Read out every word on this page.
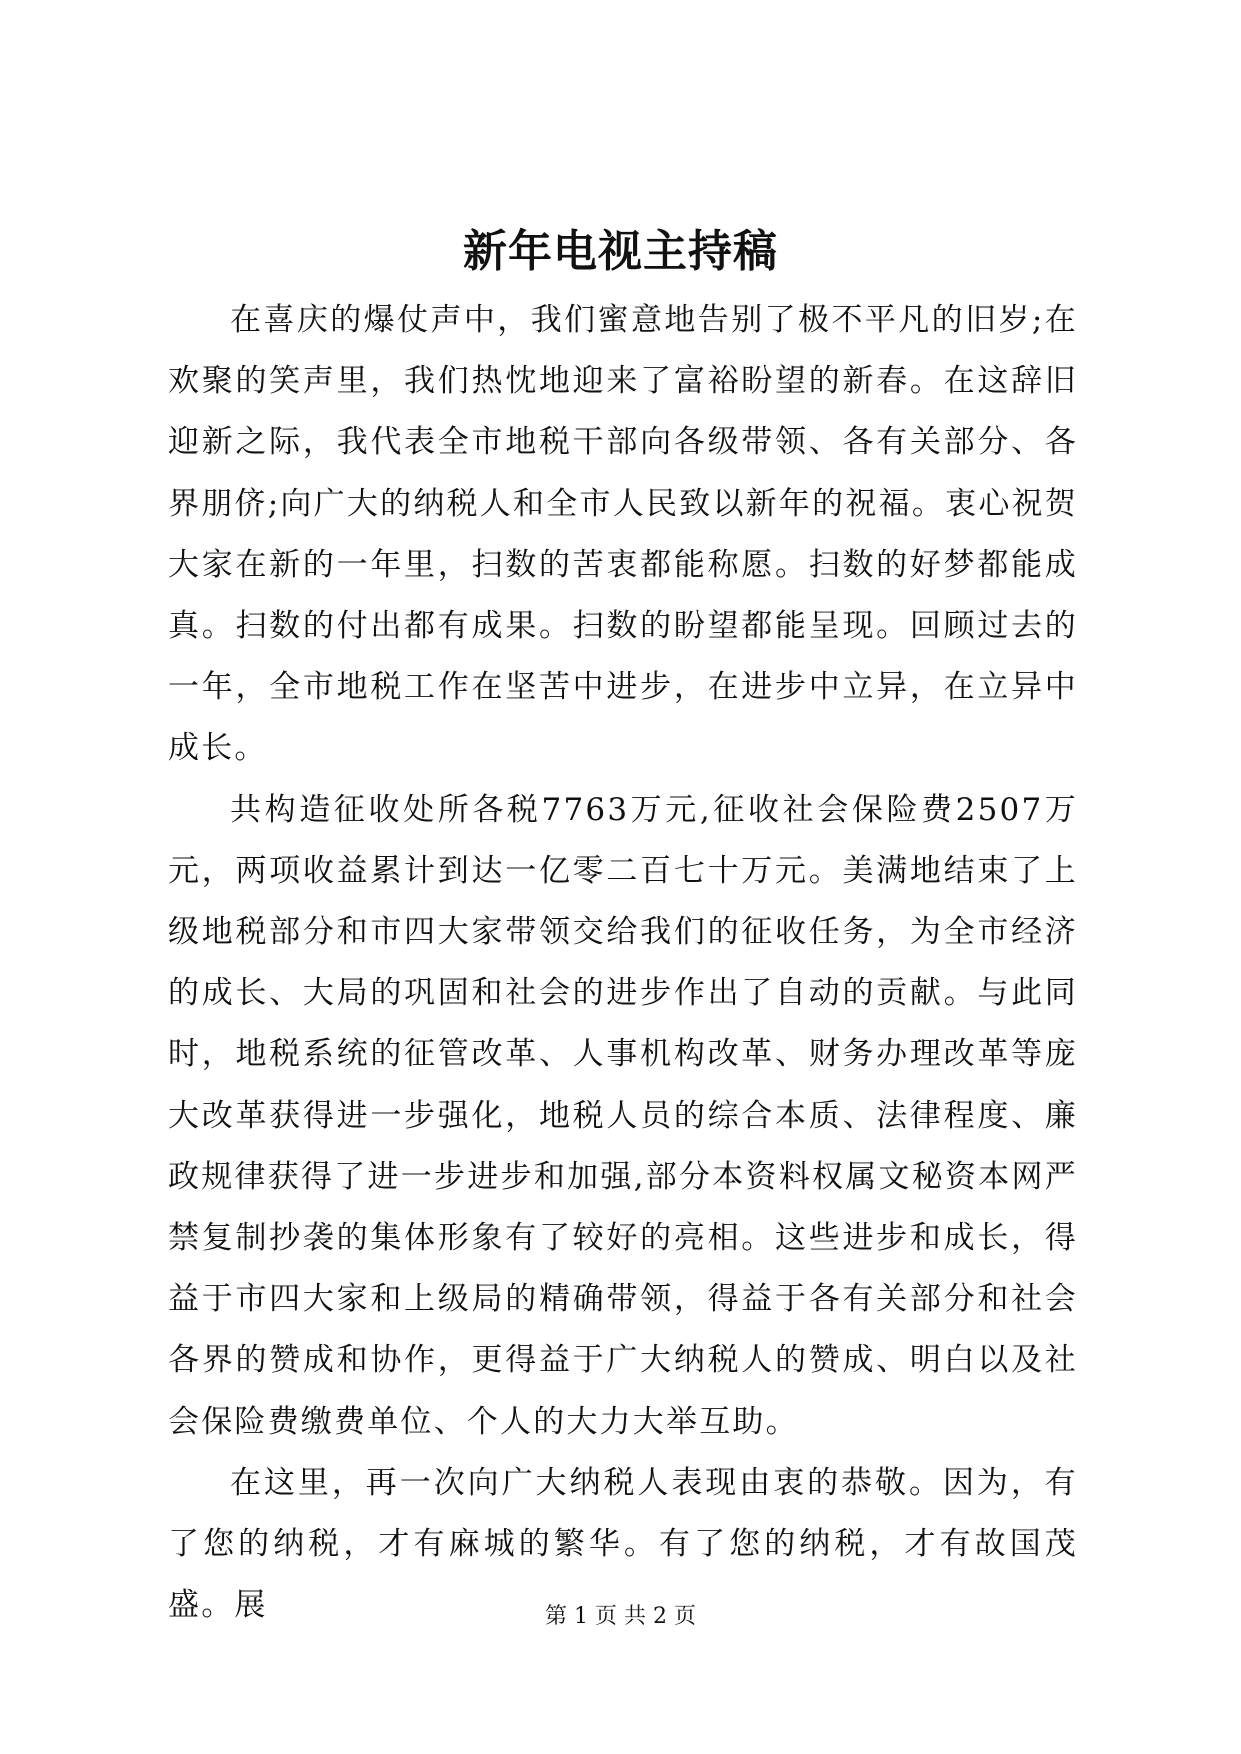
新年电视主持稿

在喜庆的爆仗声中，我们蜜意地告别了极不平凡的旧岁;在欢聚的笑声里，我们热忱地迎来了富裕盼望的新春。在这辞旧迎新之际，我代表全市地税干部向各级带领、各有关部分、各界朋侪;向广大的纳税人和全市人民致以新年的祝福。衷心祝贺大家在新的一年里，扫数的苦衷都能称愿。扫数的好梦都能成真。扫数的付出都有成果。扫数的盼望都能呈现。回顾过去的一年，全市地税工作在坚苦中进步，在进步中立异，在立异中成长。

共构造征收处所各税7763万元,征收社会保险费2507万元，两项收益累计到达一亿零二百七十万元。美满地结束了上级地税部分和市四大家带领交给我们的征收任务，为全市经济的成长、大局的巩固和社会的进步作出了自动的贡献。与此同时，地税系统的征管改革、人事机构改革、财务办理改革等庞大改革获得进一步强化，地税人员的综合本质、法律程度、廉政规律获得了进一步进步和加强,部分本资料权属文秘资本网严禁复制抄袭的集体形象有了较好的亮相。这些进步和成长，得益于市四大家和上级局的精确带领，得益于各有关部分和社会各界的赞成和协作，更得益于广大纳税人的赞成、明白以及社会保险费缴费单位、个人的大力大举互助。

在这里，再一次向广大纳税人表现由衷的恭敬。因为，有了您的纳税，才有麻城的繁华。有了您的纳税，才有故国茂盛。展	第 1 页 共 2 页
